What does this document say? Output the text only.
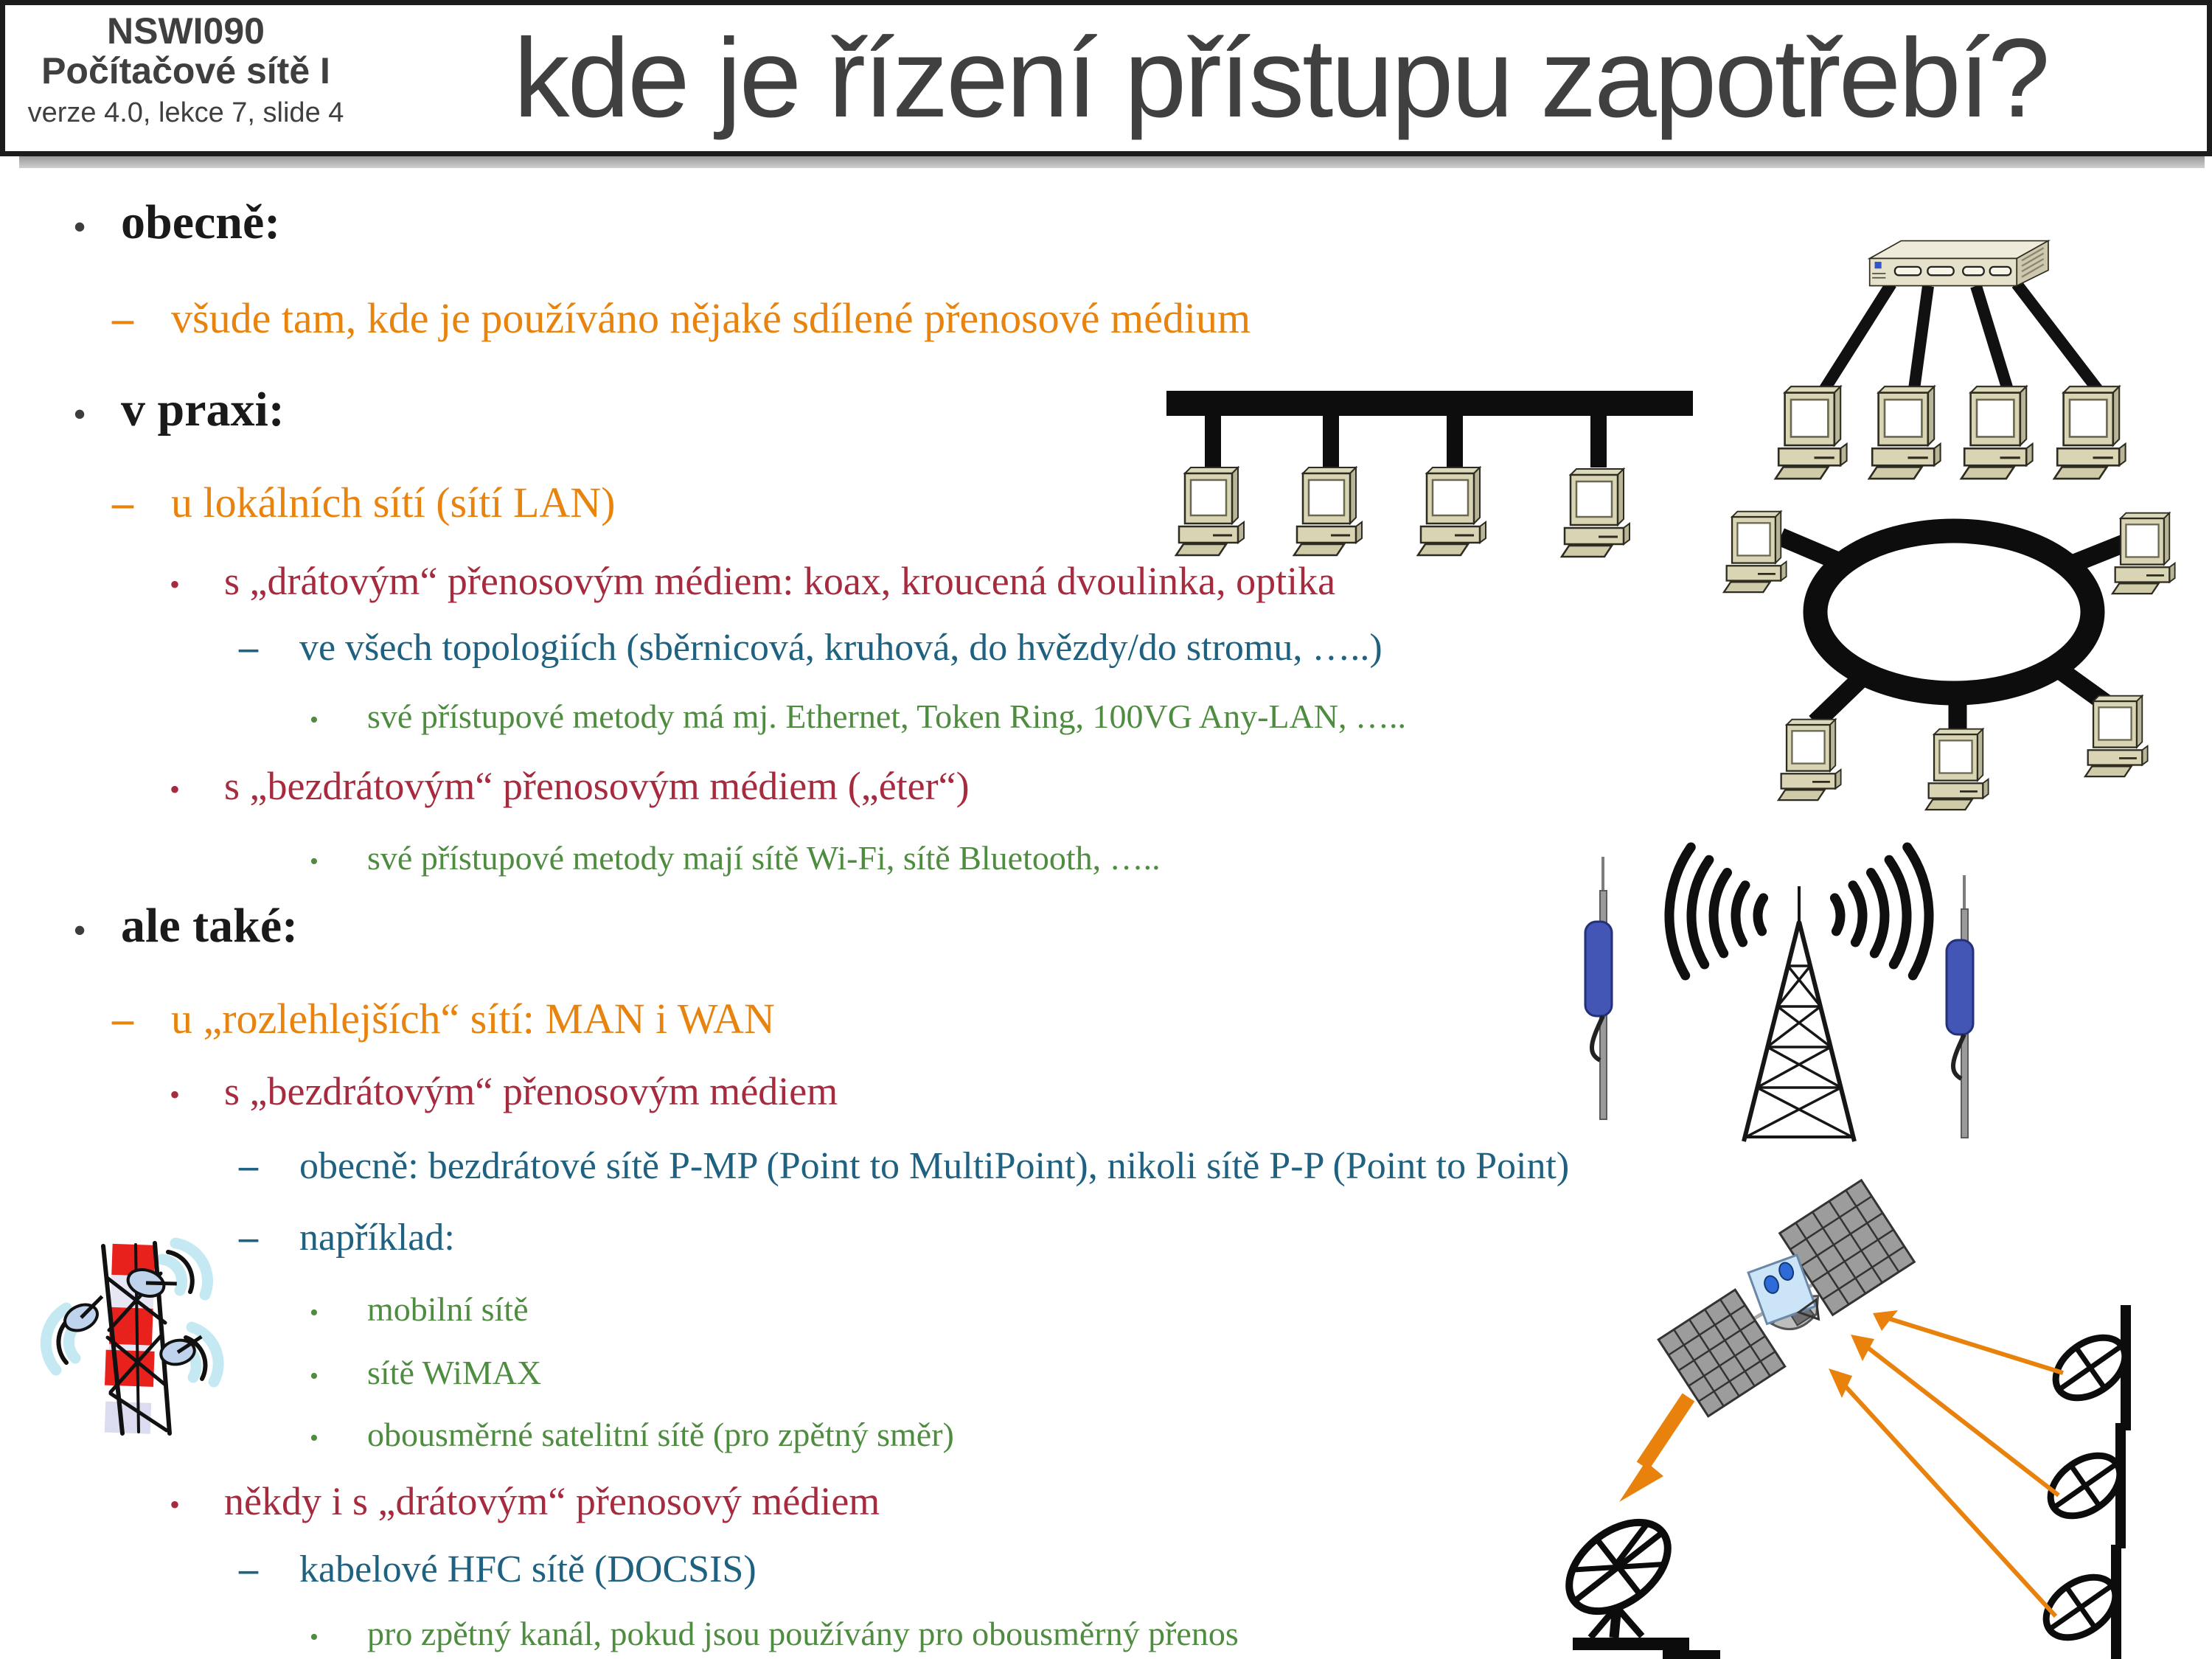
NSWI090
Počítačové sítě I
verze 4.0, lekce 7, slide 4	kde je řízení přístupu zapotřebí?
•
obecně:
–
všude tam, kde je používáno nějaké sdílené přenosové médium
•
v praxi:
–
u lokálních sítí (sítí LAN)
•
s „drátovým“ přenosovým médiem: koax, kroucená dvoulinka, optika
–
ve všech topologiích (sběrnicová, kruhová, do hvězdy/do stromu, …..)
•
své přístupové metody má mj. Ethernet, Token Ring, 100VG Any-LAN, …..
•
s „bezdrátovým“ přenosovým médiem („éter“)
•
své přístupové metody mají sítě Wi-Fi, sítě Bluetooth, …..
•
ale také:
–
u „rozlehlejších“ sítí: MAN i WAN
•
s „bezdrátovým“ přenosovým médiem
–
obecně: bezdrátové sítě P-MP (Point to MultiPoint), nikoli sítě P-P (Point to Point)
–
například:
•
mobilní sítě
•
sítě WiMAX
•
obousměrné satelitní sítě (pro zpětný směr)
•
někdy i s „drátovým“ přenosový médiem
–
kabelové HFC sítě (DOCSIS)
•
pro zpětný kanál, pokud jsou používány pro obousměrný přenos
